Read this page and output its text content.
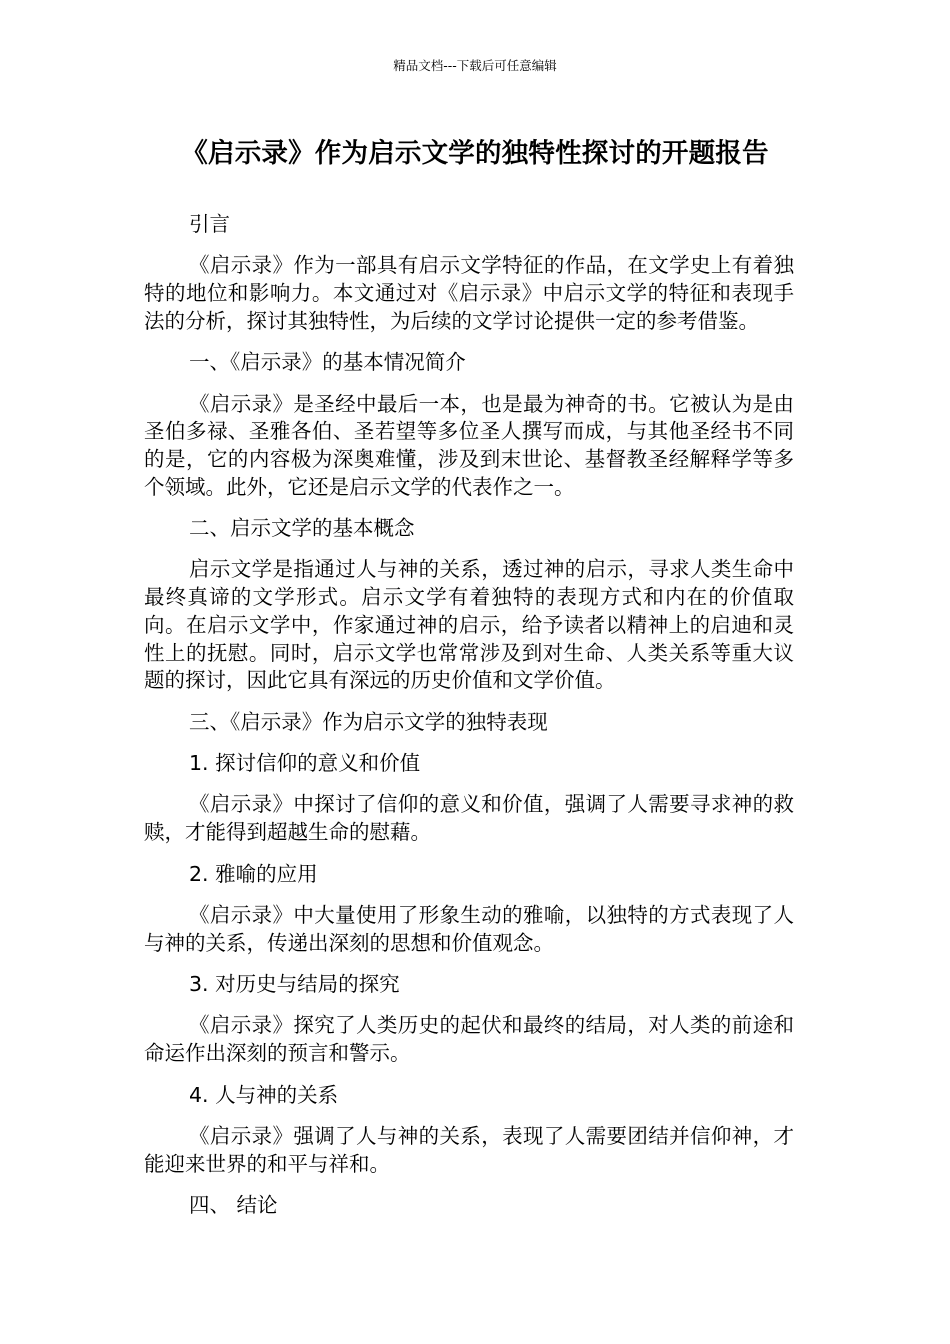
精品文档---下载后可任意编辑
《启示录》作为启示文学的独特性探讨的开题报告

引言

《启示录》作为一部具有启示文学特征的作品，在文学史上有着独特的地位和影响力。本文通过对《启示录》中启示文学的特征和表现手法的分析，探讨其独特性，为后续的文学讨论提供一定的参考借鉴。

一、《启示录》的基本情况简介

《启示录》是圣经中最后一本，也是最为神奇的书。它被认为是由圣伯多禄、圣雅各伯、圣若望等多位圣人撰写而成，与其他圣经书不同的是，它的内容极为深奥难懂，涉及到末世论、基督教圣经解释学等多个领域。此外，它还是启示文学的代表作之一。

二、启示文学的基本概念

启示文学是指通过人与神的关系，透过神的启示，寻求人类生命中最终真谛的文学形式。启示文学有着独特的表现方式和内在的价值取向。在启示文学中，作家通过神的启示，给予读者以精神上的启迪和灵性上的抚慰。同时，启示文学也常常涉及到对生命、人类关系等重大议题的探讨，因此它具有深远的历史价值和文学价值。

三、《启示录》作为启示文学的独特表现

1. 探讨信仰的意义和价值

《启示录》中探讨了信仰的意义和价值，强调了人需要寻求神的救赎，才能得到超越生命的慰藉。

2. 雅喻的应用

《启示录》中大量使用了形象生动的雅喻，以独特的方式表现了人与神的关系，传递出深刻的思想和价值观念。

3. 对历史与结局的探究

《启示录》探究了人类历史的起伏和最终的结局，对人类的前途和命运作出深刻的预言和警示。

4. 人与神的关系

《启示录》强调了人与神的关系，表现了人需要团结并信仰神，才能迎来世界的和平与祥和。

四、 结论
